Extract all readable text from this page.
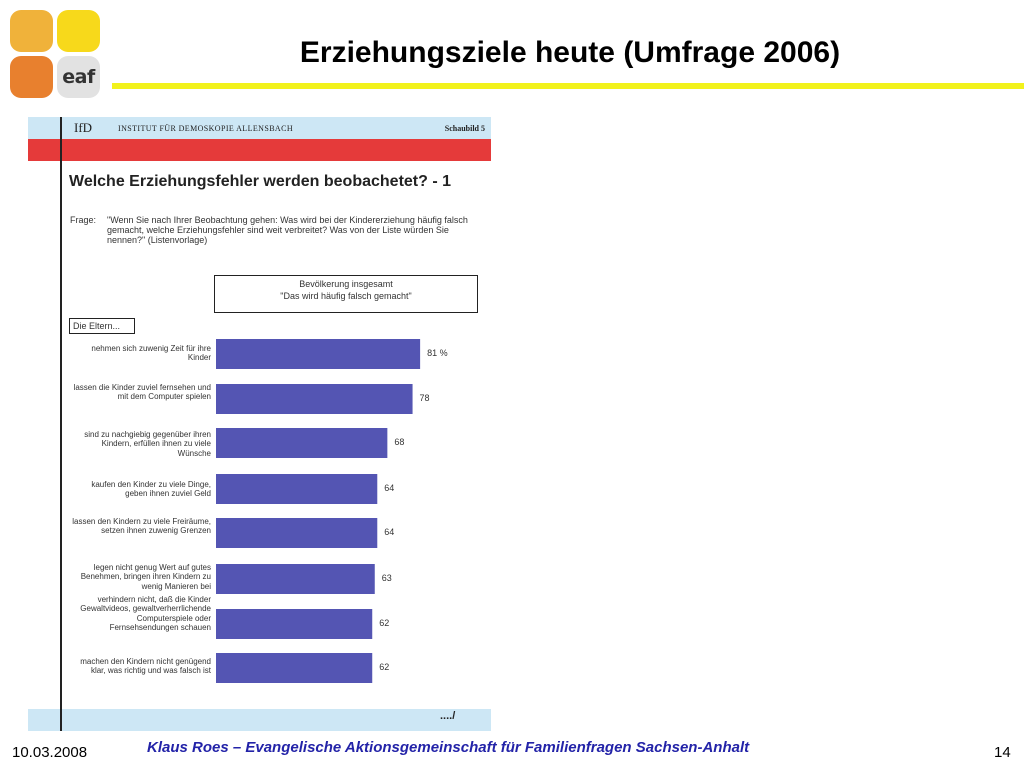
eaf
Erziehungsziele heute (Umfrage 2006)
IfD	INSTITUT FÜR DEMOSKOPIE ALLENSBACH	Schaubild 5
Welche Erziehungsfehler werden beobachetet? - 1
Frage: "Wenn Sie nach Ihrer Beobachtung gehen: Was wird bei der Kindererziehung häufig falsch gemacht, welche Erziehungsfehler sind weit verbreitet? Was von der Liste würden Sie nennen?" (Listenvorlage)
Bevölkerung insgesamt
"Das wird häufig falsch gemacht"
Die Eltern...
81 %
nehmen sich zuwenig Zeit für ihre Kinder
78
lassen die Kinder zuviel fernsehen und mit dem Computer spielen
68
sind zu nachgiebig gegenüber ihren Kindern, erfüllen ihnen zu viele Wünsche
64
kaufen den Kinder zu viele Dinge, geben ihnen zuviel Geld
64
lassen den Kindern zu viele Freiräume, setzen ihnen zuwenig Grenzen
63
legen nicht genug Wert auf gutes Benehmen, bringen ihren Kindern zu wenig Manieren bei
62
verhindern nicht, daß die Kinder Gewaltvideos, gewaltverherrlichende Computerspiele oder Fernsehsendungen schauen
62
machen den Kindern nicht genügend klar, was richtig und was falsch ist
..../
10.03.2008	Klaus Roes – Evangelische Aktionsgemeinschaft für Familienfragen Sachsen-Anhalt	14
